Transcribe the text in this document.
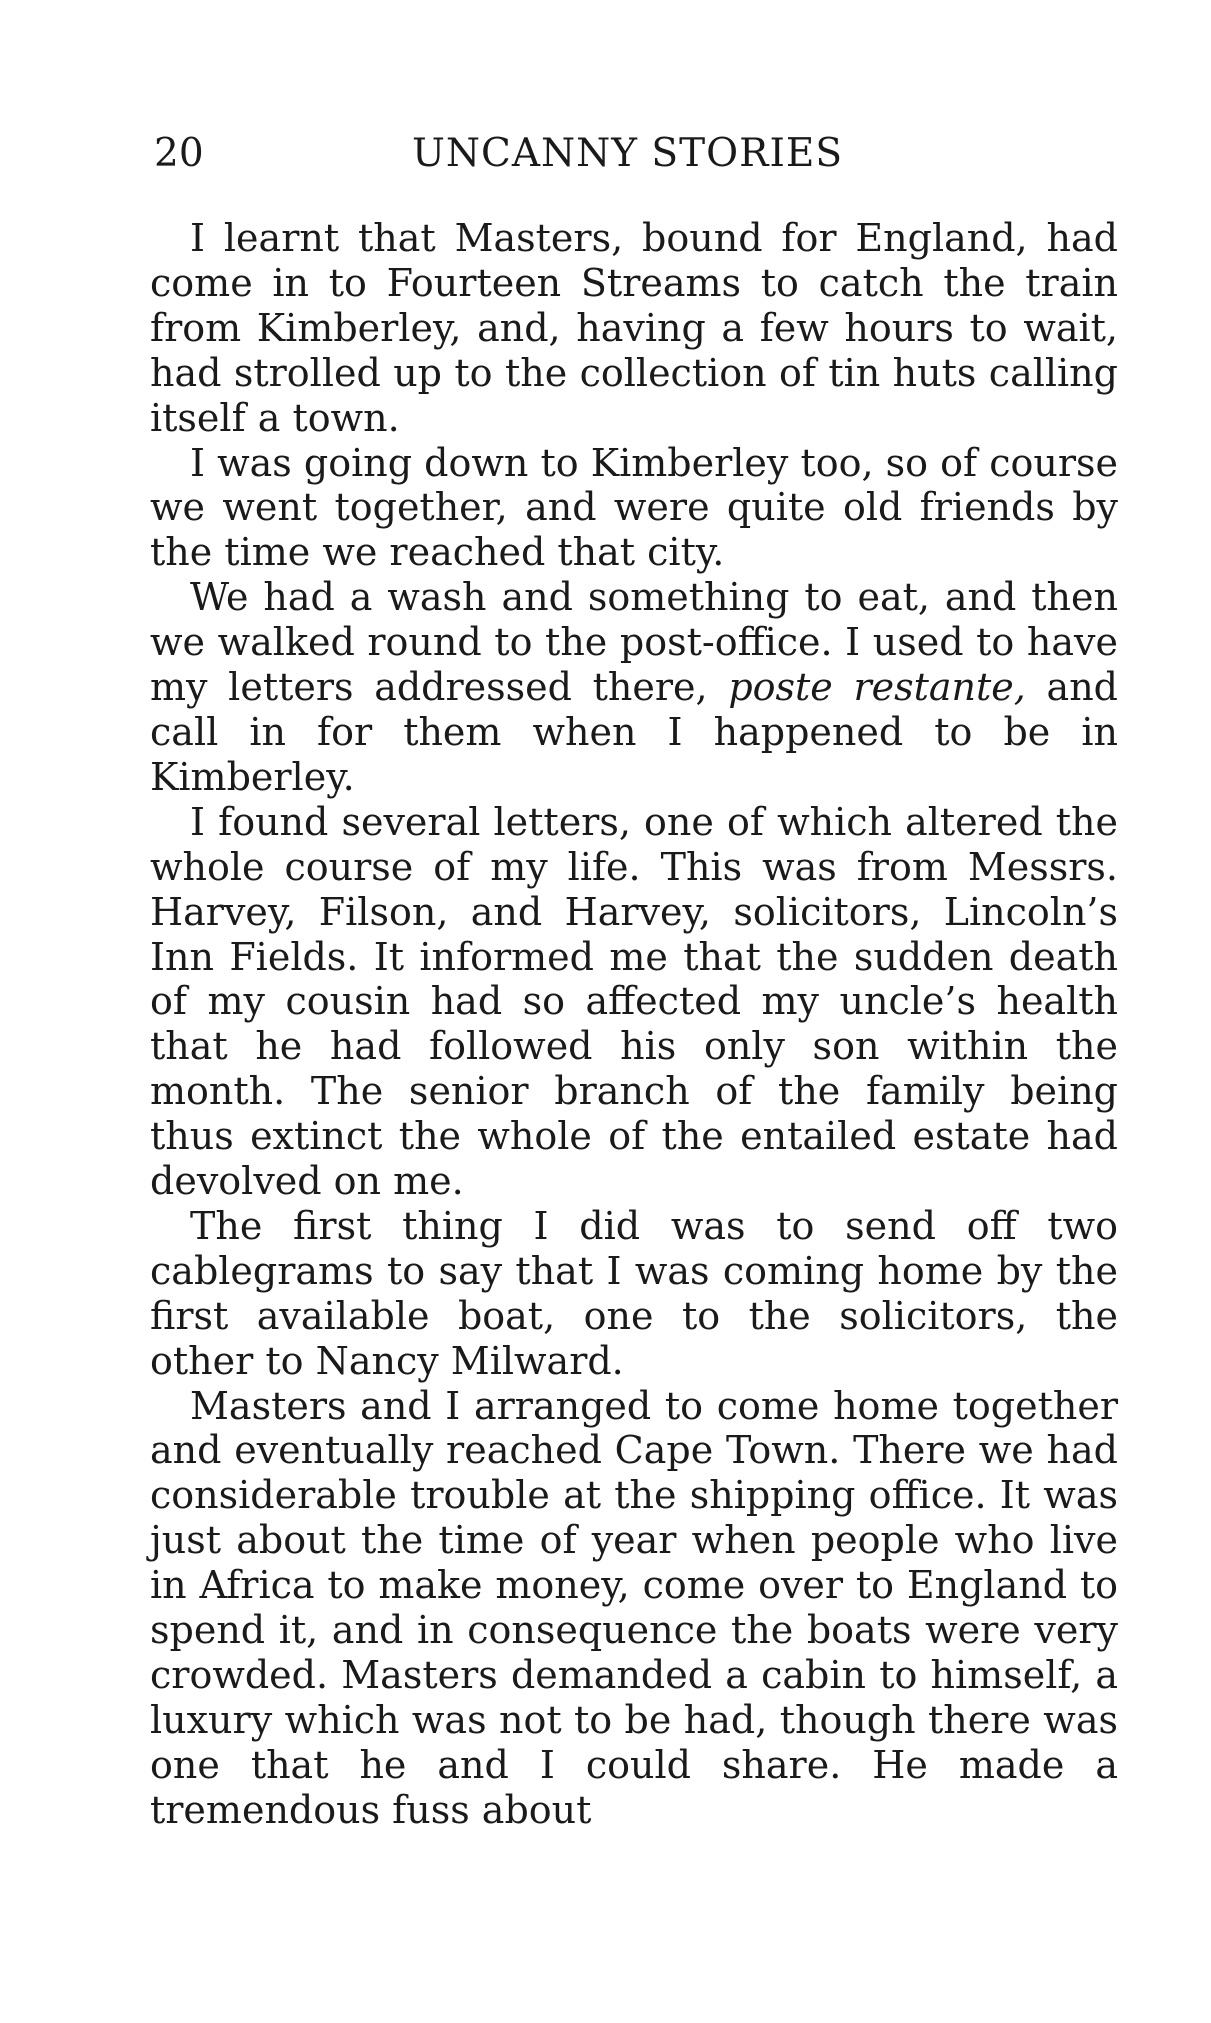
20	UNCANNY STORIES

I learnt that Masters, bound for England, had come in to Fourteen Streams to catch the train from Kimberley, and, having a few hours to wait, had strolled up to the collection of tin huts calling itself a town.

I was going down to Kimberley too, so of course we went together, and were quite old friends by the time we reached that city.

We had a wash and something to eat, and then we walked round to the post-office. I used to have my letters addressed there, poste restante, and call in for them when I happened to be in Kimberley.

I found several letters, one of which altered the whole course of my life. This was from Messrs. Harvey, Filson, and Harvey, solicitors, Lincoln’s Inn Fields. It informed me that the sudden death of my cousin had so affected my uncle’s health that he had followed his only son within the month. The senior branch of the family being thus extinct the whole of the entailed estate had devolved on me.

The first thing I did was to send off two cablegrams to say that I was coming home by the first available boat, one to the solicitors, the other to Nancy Milward.

Masters and I arranged to come home together and eventually reached Cape Town. There we had considerable trouble at the shipping office. It was just about the time of year when people who live in Africa to make money, come over to England to spend it, and in consequence the boats were very crowded. Masters demanded a cabin to himself, a luxury which was not to be had, though there was one that he and I could share. He made a tremendous fuss about
